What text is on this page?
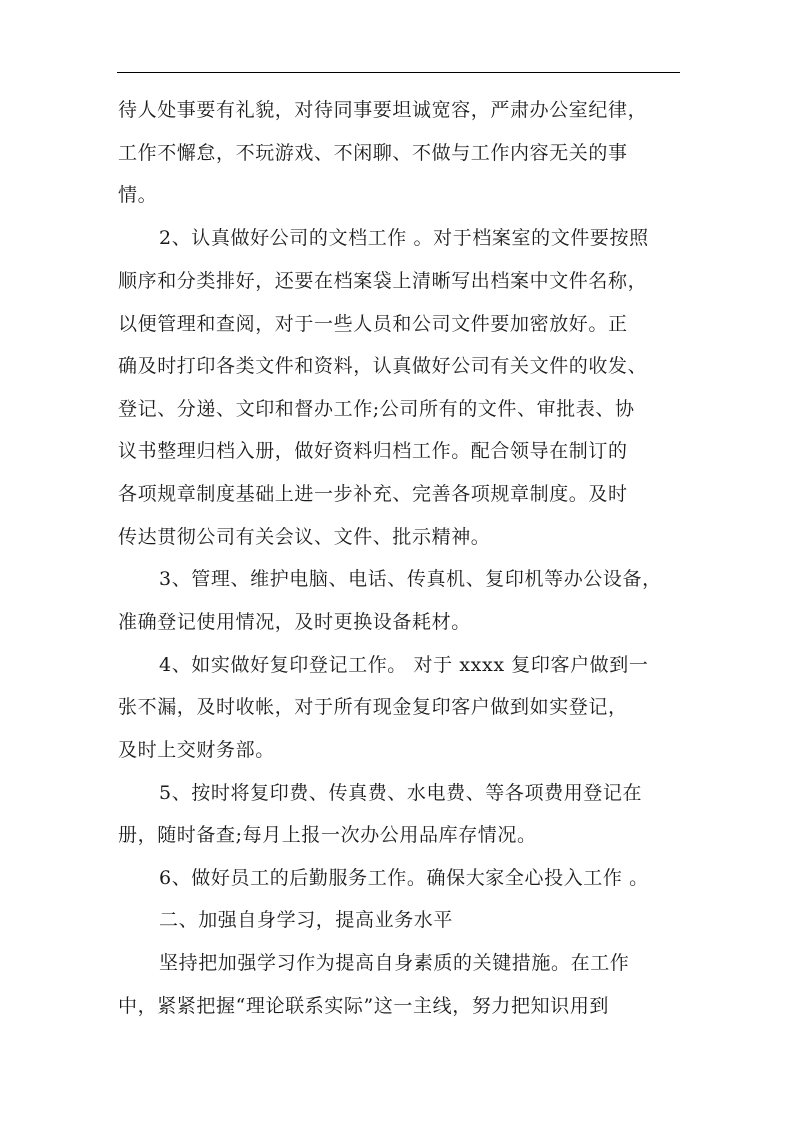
待人处事要有礼貌，对待同事要坦诚宽容，严肃办公室纪律，
工作不懈怠，不玩游戏、不闲聊、不做与工作内容无关的事
情。
2、认真做好公司的文档工作 。对于档案室的文件要按照
顺序和分类排好，还要在档案袋上清晰写出档案中文件名称，
以便管理和查阅，对于一些人员和公司文件要加密放好。正
确及时打印各类文件和资料，认真做好公司有关文件的收发、
登记、分递、文印和督办工作;公司所有的文件、审批表、协
议书整理归档入册，做好资料归档工作。配合领导在制订的
各项规章制度基础上进一步补充、完善各项规章制度。及时
传达贯彻公司有关会议、文件、批示精神。
3、管理、维护电脑、电话、传真机、复印机等办公设备，
准确登记使用情况，及时更换设备耗材。
4、如实做好复印登记工作。 对于 xxxx 复印客户做到一
张不漏，及时收帐，对于所有现金复印客户做到如实登记，
及时上交财务部。
5、按时将复印费、传真费、水电费、等各项费用登记在
册，随时备查;每月上报一次办公用品库存情况。
6、做好员工的后勤服务工作。确保大家全心投入工作 。
二、加强自身学习，提高业务水平
坚持把加强学习作为提高自身素质的关键措施。在工作
中，紧紧把握“理论联系实际”这一主线，努力把知识用到
